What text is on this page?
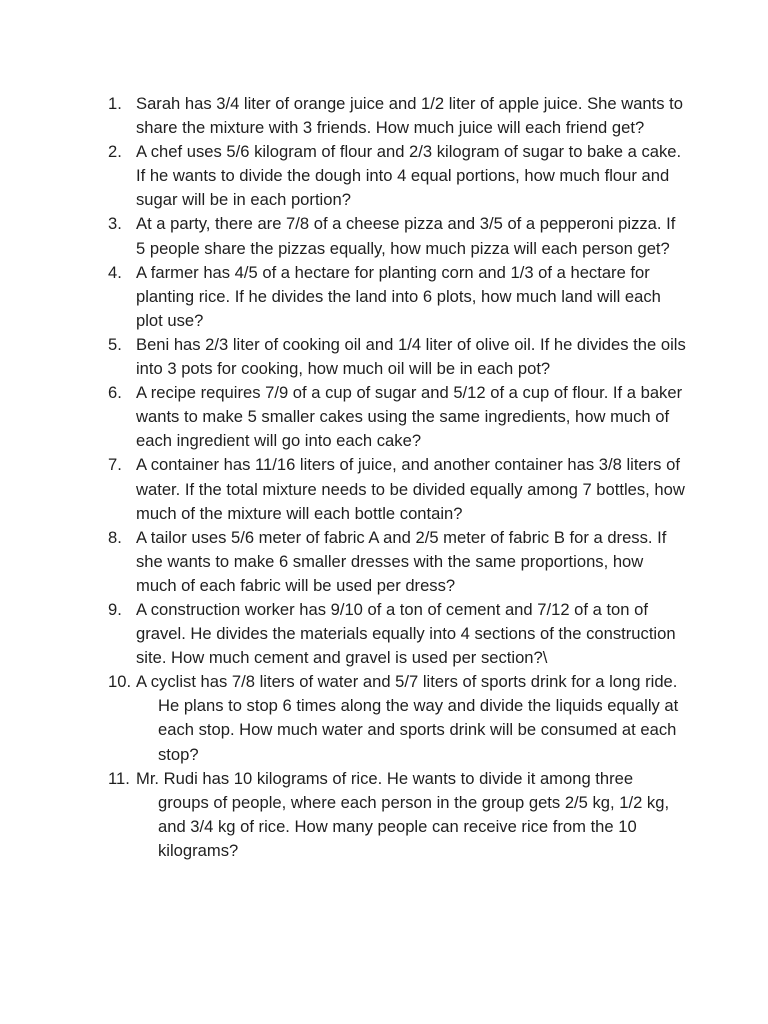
1. Sarah has 3/4 liter of orange juice and 1/2 liter of apple juice. She wants to share the mixture with 3 friends. How much juice will each friend get?
2. A chef uses 5/6 kilogram of flour and 2/3 kilogram of sugar to bake a cake. If he wants to divide the dough into 4 equal portions, how much flour and sugar will be in each portion?
3. At a party, there are 7/8 of a cheese pizza and 3/5 of a pepperoni pizza. If 5 people share the pizzas equally, how much pizza will each person get?
4. A farmer has 4/5 of a hectare for planting corn and 1/3 of a hectare for planting rice. If he divides the land into 6 plots, how much land will each plot use?
5. Beni has 2/3 liter of cooking oil and 1/4 liter of olive oil. If he divides the oils into 3 pots for cooking, how much oil will be in each pot?
6. A recipe requires 7/9 of a cup of sugar and 5/12 of a cup of flour. If a baker wants to make 5 smaller cakes using the same ingredients, how much of each ingredient will go into each cake?
7. A container has 11/16 liters of juice, and another container has 3/8 liters of water. If the total mixture needs to be divided equally among 7 bottles, how much of the mixture will each bottle contain?
8. A tailor uses 5/6 meter of fabric A and 2/5 meter of fabric B for a dress. If she wants to make 6 smaller dresses with the same proportions, how much of each fabric will be used per dress?
9. A construction worker has 9/10 of a ton of cement and 7/12 of a ton of gravel. He divides the materials equally into 4 sections of the construction site. How much cement and gravel is used per section?\
10. A cyclist has 7/8 liters of water and 5/7 liters of sports drink for a long ride. He plans to stop 6 times along the way and divide the liquids equally at each stop. How much water and sports drink will be consumed at each stop?
11. Mr. Rudi has 10 kilograms of rice. He wants to divide it among three groups of people, where each person in the group gets 2/5 kg, 1/2 kg, and 3/4 kg of rice. How many people can receive rice from the 10 kilograms?
